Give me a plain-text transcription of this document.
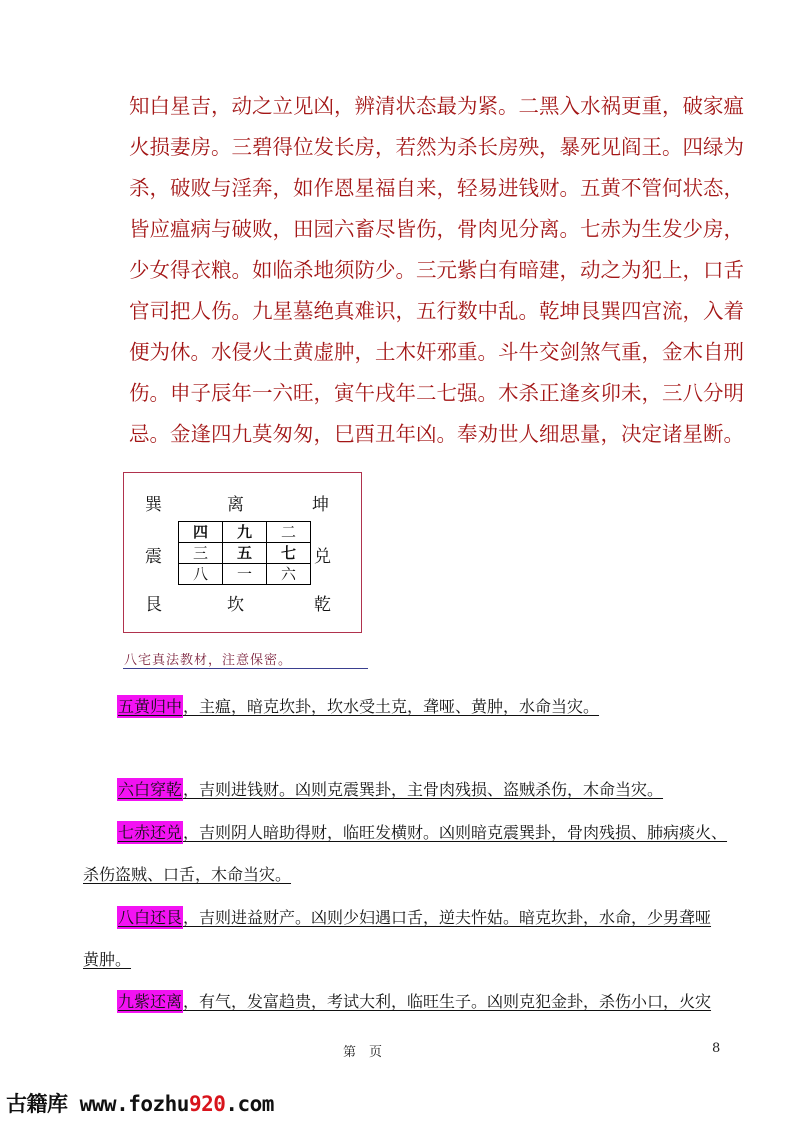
知白星吉，动之立见凶，辨清状态最为紧。二黑入水祸更重，破家瘟

火损妻房。三碧得位发长房，若然为杀长房殃，暴死见阎王。四绿为

杀，破败与淫奔，如作恩星福自来，轻易进钱财。五黄不管何状态，

皆应瘟病与破败，田园六畜尽皆伤，骨肉见分离。七赤为生发少房，

少女得衣粮。如临杀地须防少。三元紫白有暗建，动之为犯上，口舌

官司把人伤。九星墓绝真难识，五行数中乱。乾坤艮巽四宫流，入着

便为休。水侵火土黄虚肿，土木奸邪重。斗牛交剑煞气重，金木自刑

伤。申子辰年一六旺，寅午戌年二七强。木杀正逢亥卯未，三八分明

忌。金逢四九莫匆匆，巳酉丑年凶。奉劝世人细思量，决定诸星断。

巽	离	坤
震	兑
艮	坎	乾
四	九	二
三	五	七
八	一	六
八宅真法教材，注意保密。
五黄归中，主瘟，暗克坎卦，坎水受土克，聋哑、黄肿，水命当灾。
六白穿乾，吉则进钱财。凶则克震巽卦，主骨肉残损、盗贼杀伤，木命当灾。
七赤还兑，吉则阴人暗助得财，临旺发横财。凶则暗克震巽卦，骨肉残损、肺病痰火、
杀伤盗贼、口舌，木命当灾。
八白还艮，吉则进益财产。凶则少妇遇口舌，逆夫忤姑。暗克坎卦，水命，少男聋哑
黄肿。
九紫还离，有气，发富趋贵，考试大利，临旺生子。凶则克犯金卦，杀伤小口，火灾
第　页	8
古籍库 www.fozhu920.com
